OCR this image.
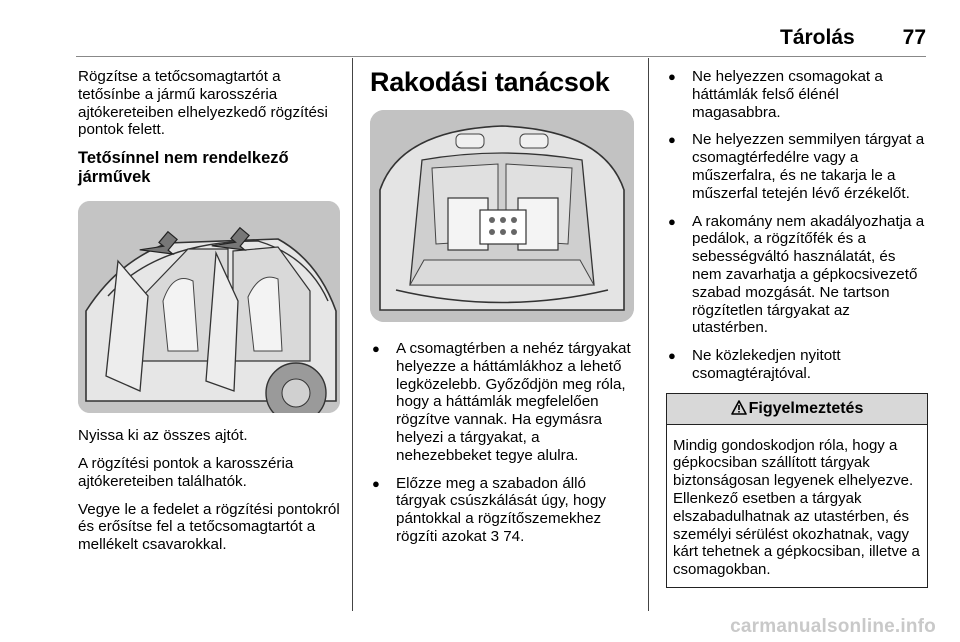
Tárolás	77

Rögzítse a tetőcsomagtartót a tetősínbe a jármű karosszéria ajtókereteiben elhelyezkedő rögzítési pontok felett.

Tetősínnel nem rendelkező járművek

Nyissa ki az összes ajtót.

A rögzítési pontok a karosszéria ajtókereteiben találhatók.

Vegye le a fedelet a rögzítési pontokról és erősítse fel a tetőcsomagtartót a mellékelt csavarokkal.

Rakodási tanácsok
● A csomagtérben a nehéz tárgyakat helyezze a háttámlákhoz a lehető legközelebb. Győződjön meg róla, hogy a háttámlák megfelelően rögzítve vannak. Ha egymásra helyezi a tárgyakat, a nehezebbeket tegye alulra.
● Előzze meg a szabadon álló tárgyak csúszkálását úgy, hogy pántokkal a rögzítőszemekhez rögzíti azokat 3 74.
● Ne helyezzen csomagokat a háttámlák felső élénél magasabbra.
● Ne helyezzen semmilyen tárgyat a csomagtérfedélre vagy a műszerfalra, és ne takarja le a műszerfal tetején lévő érzékelőt.
● A rakomány nem akadályozhatja a pedálok, a rögzítőfék és a sebességváltó használatát, és nem zavarhatja a gépkocsivezető szabad mozgását. Ne tartson rögzítetlen tárgyakat az utastérben.
● Ne közlekedjen nyitott csomagtérajtóval.
Figyelmeztetés
Mindig gondoskodjon róla, hogy a gépkocsiban szállított tárgyak biztonságosan legyenek elhelyezve. Ellenkező esetben a tárgyak elszabadulhatnak az utastérben, és személyi sérülést okozhatnak, vagy kárt tehetnek a gépkocsiban, illetve a csomagokban.
carmanualsonline.info
